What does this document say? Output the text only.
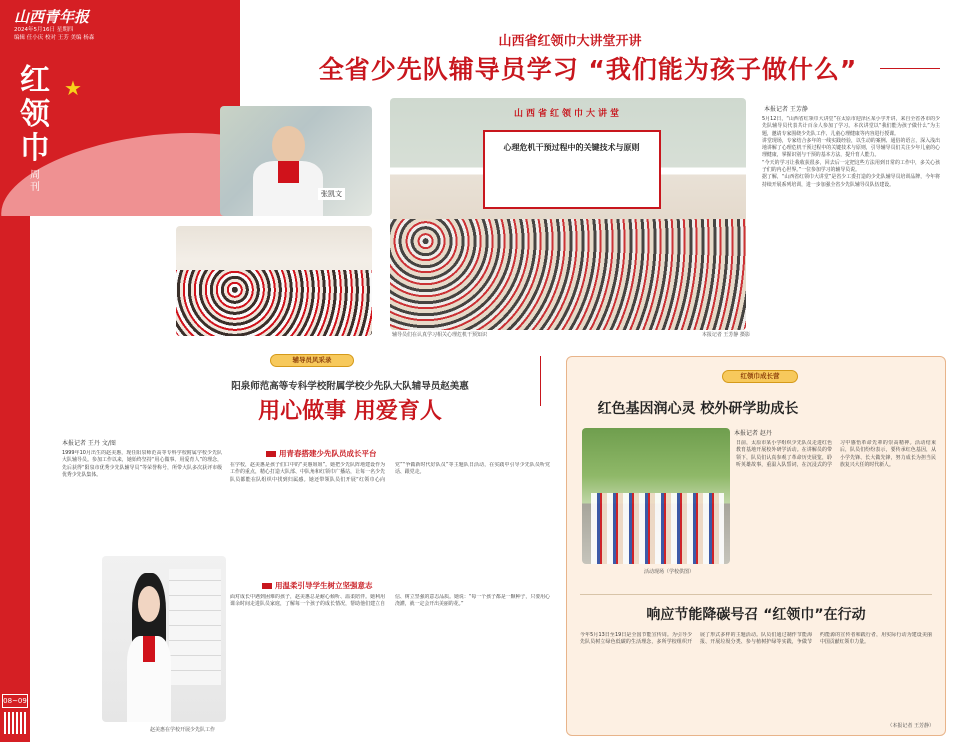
山西青年报
2024年5月16日 星期四
编辑 任小庆 校对 王芳 美编 杨森
红
领
巾
★
周
刊
08~09
山西省红领巾大讲堂开讲
全省少先队辅导员学习 “我们能为孩子做什么”
张凯文
山西省红领巾大讲堂
心理危机干预过程中的关键技术与原则
辅导员们在认真学习相关心理危机干预知识	本报记者 王芳静 摄影
本报记者 王芳静

5月12日，“山西省红领巾大讲堂”在太原市迎泽区某小学开讲，来自全省各市的少先队辅导员代表共计百余人参加了学习。本次讲堂以“我们能为孩子做什么”为主题，邀请专家围绕少先队工作、儿童心理健康等内容进行授课。

讲堂现场，专家结合多年的一线实践经验，以生动的案例、通俗的语言，深入浅出地讲解了心理危机干预过程中的关键技术与原则，引导辅导员们关注少年儿童的心理健康，掌握识别与干预的基本方法，提升育人能力。

“今天的学习让我收获很多，回去后一定把这些方法用到日常的工作中，多关心孩子们的内心世界。”一位参加学习的辅导员说。

据了解，“山西省红领巾大讲堂”是省少工委打造的少先队辅导员培训品牌，今年将持续开展系列培训，进一步加强全省少先队辅导员队伍建设。

辅导员风采录
阳泉师范高等专科学校附属学校少先队大队辅导员赵美惠
用心做事 用爱育人
本报记者 王丹 文/图
1999年10月出生的赵美惠，现任阳泉师范高等专科学校附属学校少先队大队辅导员。参加工作以来，她始终坚持“用心做事、用爱育人”的理念，先后获得“阳泉市优秀少先队辅导员”等荣誉称号，所带大队多次获评市级优秀少先队集体。
用青春搭建少先队员成长平台
在学校，赵美惠是孩子们口中的“美惠姐姐”。她把少先队阵地建设作为工作的重点，精心打造大队部、中队角和红领巾广播站，让每一名少先队员都能在队组织中找到归属感。她还带领队员们开展“红领巾心向党”“争做新时代好队员”等主题队日活动，在实践中引导少先队员听党话、跟党走。
用温柔引导学生树立坚强意志
面对成长中遇到困难的孩子，赵美惠总是耐心倾听、温柔陪伴。她利用课余时间走进队员家庭，了解每一个孩子的成长情况，帮助他们建立自信、树立坚强的意志品质。她说：“每一个孩子都是一颗种子，只要用心浇灌，就一定会开出美丽的花。”
赵美惠在学校开展少先队工作
红领巾成长营
红色基因润心灵 校外研学助成长
本报记者 赵丹
活动现场（学校供图）
日前，太原市某小学组织少先队员走进红色教育基地开展校外研学活动。在讲解员的带领下，队员们认真参观了革命历史展览，聆听英雄故事，重温入队誓词，在沉浸式的学习中感悟革命先辈的崇高精神。活动结束后，队员们纷纷表示，要传承红色基因，从小学先锋、长大做先锋，努力成长为担当民族复兴大任的时代新人。
响应节能降碳号召 “红领巾”在行动
今年5月13日至19日是全国节能宣传周。为引导少先队员树立绿色低碳的生活理念，多所学校组织开展了形式多样的主题活动。队员们通过制作节能海报、开展垃圾分类、参与植树护绿等实践，争做节约能源的宣传者和践行者，用实际行动为建设美丽中国贡献红领巾力量。
（本报记者 王芳静）
